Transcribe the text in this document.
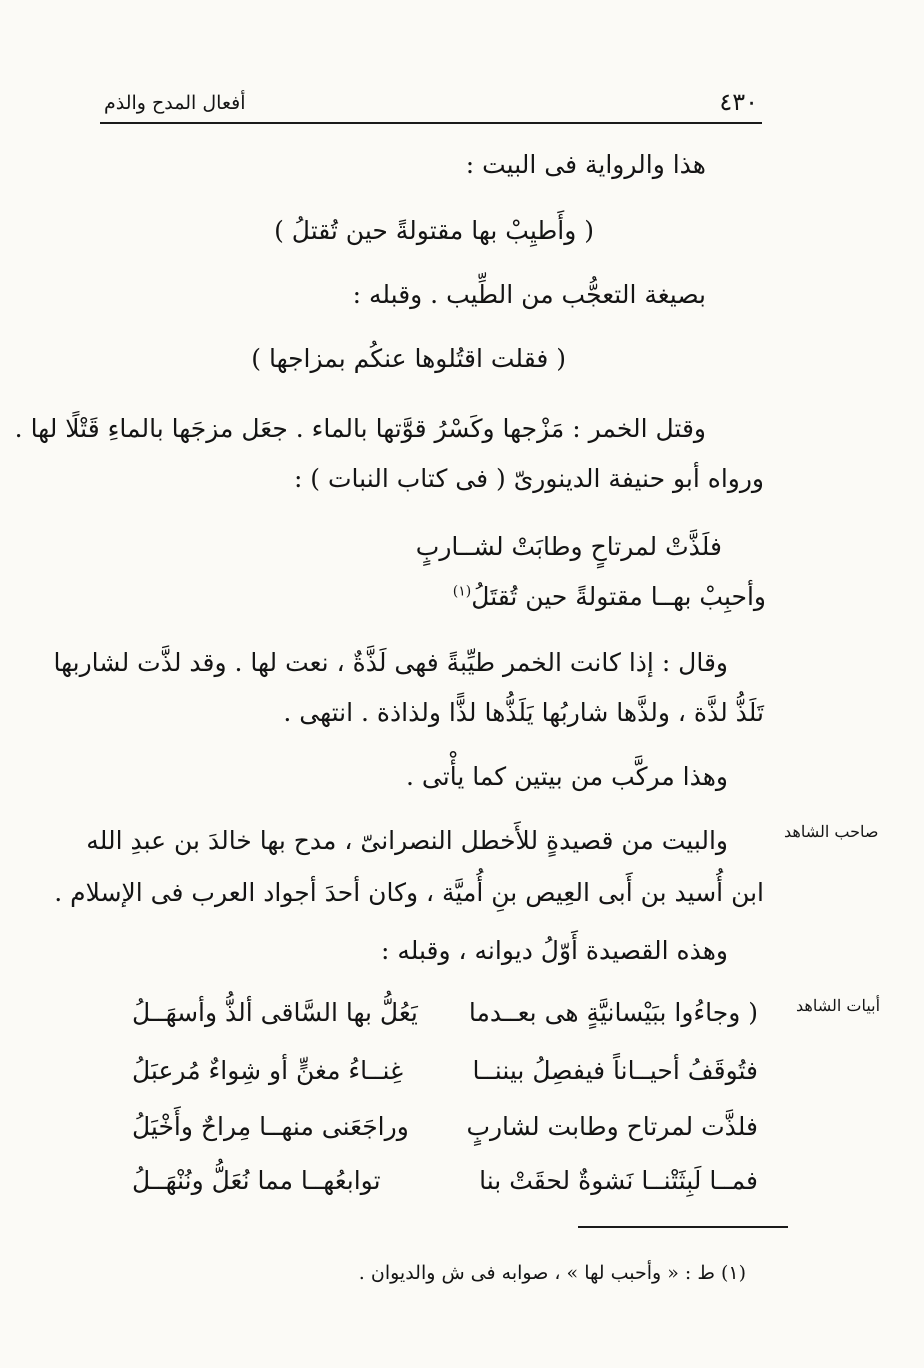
٤٣٠
أفعال المدح والذم
هذا والرواية فى البيت :
( وأَطيِبْ بها مقتولةً حين تُقتلُ )
بصيغة التعجُّب من الطِّيب . وقبله :
( فقلت اقتُلوها عنكُم بمزاجها )
وقتل الخمر : مَزْجها وكَسْرُ قوَّتها بالماء . جعَل مزجَها بالماءِ قَتْلًا لها .
ورواه أبو حنيفة الدينورىّ ( فى كتاب النبات ) :
فلَذَّتْ لمرتاحٍ وطابَتْ لشــاربٍ
وأحبِبْ بهــا مقتولةً حين تُقتَلُ$^{(١)}$
وقال : إذا كانت الخمر طيِّبةً فهى لَذَّةٌ ، نعت لها . وقد لذَّت لشاربها
تَلَذُّ لذَّة ، ولذَّها شاربُها يَلَذُّها لذًّا ولذاذة . انتهى .
وهذا مركَّب من بيتين كما يأْتى .
صاحب الشاهد
والبيت من قصيدةٍ للأَخطل النصرانىّ ، مدح بها خالدَ بن عبدِ الله
ابن أُسيد بن أَبى العِيص بنِ أُميَّة ، وكان أحدَ أجواد العرب فى الإسلام .
وهذه القصيدة أَوّلُ ديوانه ، وقبله :
أبيات الشاهد
( وجاءُوا ببَيْسانيَّةٍ هى بعــدما
يَعُلُّ بها السَّاقى ألذُّ وأسهَــلُ
فتُوقَفُ أحيــاناً فيفصِلُ بيننــا
غِنــاءُ مغنٍّ أو شِواءٌ مُرعبَلُ
فلذَّت لمرتاح وطابت لشاربٍ
وراجَعَنى منهــا مِراحٌ وأَخْيَلُ
فمــا لَبِثَتْنــا نَشوةٌ لحقَتْ بنا
توابعُهــا مما نُعَلُّ ونُنْهَــلُ
(١) ط : « وأحبب لها » ، صوابه فى ش والديوان .
